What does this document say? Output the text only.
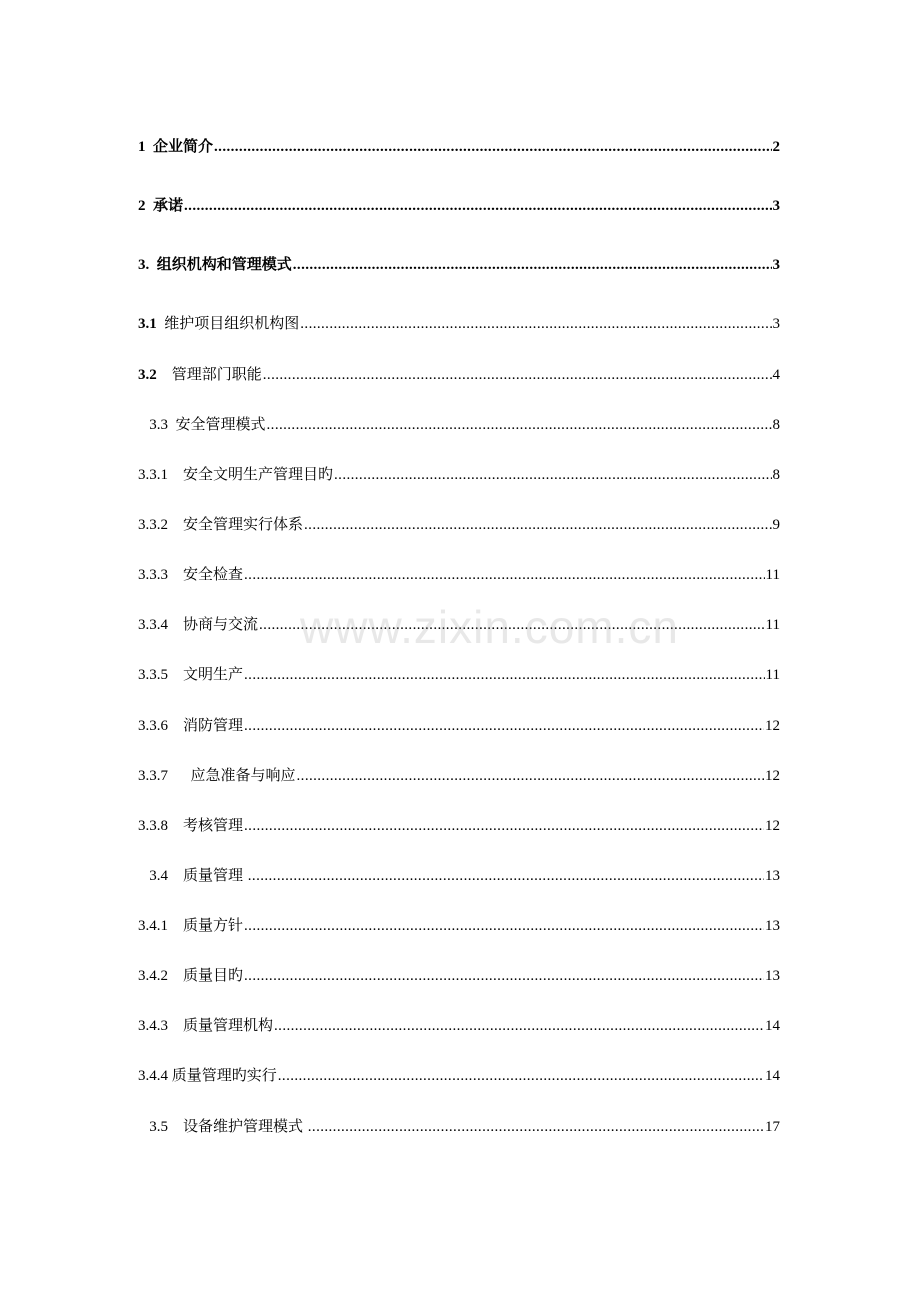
1 企业简介 .....	2
2 承诺 .....	3
3. 组织机构和管理模式 .....	3
3.1 维护项目组织机构图 .....	3
3.2 管理部门职能 .....	4
3.3 安全管理模式 .....	8
3.3.1 安全文明生产管理目旳 .....	8
3.3.2 安全管理实行体系 .....	9
3.3.3 安全检查 .....	11
3.3.4 协商与交流 .....	11
3.3.5 文明生产 .....	11
3.3.6 消防管理 .....	12
3.3.7 应急准备与响应 .....	12
3.3.8 考核管理 .....	12
3.4 质量管理 .....	13
3.4.1 质量方针 .....	13
3.4.2 质量目旳 .....	13
3.4.3 质量管理机构 .....	14
3.4.4 质量管理旳实行 .....	14
3.5 设备维护管理模式 .....	17
www.zixin.com.cn
